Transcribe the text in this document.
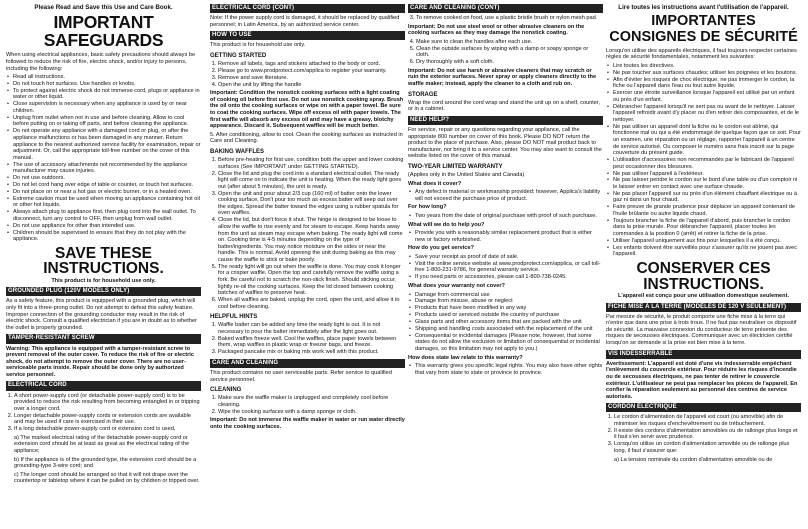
Please Read and Save this Use and Care Book.

IMPORTANT SAFEGUARDS

When using electrical appliances, basic safety precautions should always be followed to reduce the risk of fire, electric shock, and/or injury to persons, including the following:

• Read all instructions.
• Do not touch hot surfaces. Use handles or knobs.
• To protect against electric shock do not immerse cord, plugs or appliance in water or other liquid.
• Close supervision is necessary when any appliance is used by or near children.
• Unplug from outlet when not in use and before cleaning. Allow to cool before putting on or taking off parts, and before cleaning the appliance.
• Do not operate any appliance with a damaged cord or plug, or after the appliance malfunctions or has been damaged in any manner. Return appliance to the nearest authorized service facility for examination, repair or adjustment. Or, call the appropriate toll-free number on the cover of this manual.
• The use of accessory attachments not recommended by the appliance manufacturer may cause injuries.
• Do not use outdoors.
• Do not let cord hang over edge of table or counter, or touch hot surfaces.
• Do not place on or near a hot gas or electric burner, or in a heated oven.
• Extreme caution must be used when moving an appliance containing hot oil or other hot liquids.
• Always attach plug to appliance first, then plug cord into the wall outlet. To disconnect, turn any control to OFF, then unplug from wall outlet.
• Do not use appliance for other than intended use.
• Children should be supervised to ensure that they do not play with the appliance.
SAVE THESE INSTRUCTIONS.

This product is for household use only.

GROUNDED PLUG (120V MODELS ONLY)

As a safety feature, this product is equipped with a grounded plug, which will only fit into a three-prong outlet. Do not attempt to defeat this safety feature. Improper connection of the grounding conductor may result in the risk of electric shock. Consult a qualified electrician if you are in doubt as to whether the outlet is properly grounded.

TAMPER-RESISTANT SCREW

Warning: This appliance is equipped with a tamper-resistant screw to prevent removal of the outer cover. To reduce the risk of fire or electric shock, do not attempt to remove the outer cover. There are no user-serviceable parts inside. Repair should be done only by authorized service personnel.

ELECTRICAL CORD
1. A short power-supply cord (or detachable power-supply cord) is to be provided to reduce the risk resulting from becoming entangled in or tripping over a longer cord.
2. Longer detachable power-supply cords or extension cords are available and may be used if care is exercised in their use.
3. If a long detachable power-supply cord or extension cord is used,

a) The marked electrical rating of the detachable power-supply cord or extension cord should be at least as great as the electrical rating of the appliance;

b) If the appliance is of the grounded type, the extension cord should be a grounding-type 3-wire cord; and

c) The longer cord should be arranged so that it will not drape over the countertop or tabletop where it can be pulled on by children or tripped over.

ELECTRICAL CORD (CONT)

Note: If the power supply cord is damaged, it should be replaced by qualified personnel; in Latin America, by an authorized service center.

HOW TO USE

This product is for household use only.

GETTING STARTED
1. Remove all labels, tags and stickers attached to the body or cord.
2. Please go to www.prodprotect.com/applica to register your warranty.
3. Remove and save literature.
4. Open the unit by lifting the handle

Important: Condition the nonstick cooking surfaces with a light coating of cooking oil before first use. Do not use nonstick cooking spray. Brush the oil onto the cooking surfaces or wipe on with a paper towel. Be sure to coat the cooking surfaces. Wipe off excess oil with paper towels. The first waffle will absorb any excess oil and may have a greasy, blotchy appearance. Discard it. Subsequent waffles will be much better.

5. After conditioning, allow to cool. Clean the cooking surfaces as instructed in Care and Cleaning.

BAKING WAFFLES
1. Before pre-heating for first use, condition both the upper and lower cooking surfaces (See IMPORTANT under GETTING STARTED).
2. Close the lid and plug the cord into a standard electrical outlet. The ready light will come on to indicate the unit is heating. When the ready light goes out (after about 5 minutes), the unit is ready.
3. Open the unit and pour about 2/3 cup (160 ml) of batter onto the lower cooking surface. Don't pour too much as excess batter will seep out over the edges. Spread the batter toward the edges using a rubber spatula for even waffles.
4. Close the lid, but don't force it shut. The hinge is designed to be loose to allow the waffle to rise evenly and for steam to escape. Keep hands away from the unit as steam may escape when baking. The ready light will come on. Cooking time is 4-5 minutes depending on the type of batter/ingredients. You may notice moisture on the sides or near the handle. This is normal. Avoid opening the unit during baking as this may cause the waffle to stick or bake poorly.
5. The ready light will go out when the waffle is done. You may cook it longer for a crispier waffle. Open the top and carefully remove the waffle using a fork. Be careful not to scratch the non-stick finish. Should sticking occur, lightly re-oil the cooking surfaces. Keep the lid closed between cooking batches of waffles to preserve heat.
6. When all waffles are baked, unplug the cord, open the unit, and allow it to cool before cleaning.
HELPFUL HINTS
1. Waffle batter can be added any time the ready light is out. It is not necessary to pour the batter immediately after the light goes out.
2. Baked waffles freeze well. Cool the waffles, place paper towels between them, wrap waffles in plastic wrap or freezer bags, and freeze.
3. Packaged pancake mix or baking mix work well with this product.
CARE AND CLEANING

This product contains no user serviceable parts. Refer service to qualified service personnel.

CLEANING
1. Make sure the waffle maker is unplugged and completely cool before cleaning.
2. Wipe the cooking surfaces with a damp sponge or cloth.

Important: Do not immerse the waffle maker in water or run water directly onto the cooking surfaces.

CARE AND CLEANING (CONT)
3. To remove cooked on food, use a plastic bristle brush or nylon mesh pad.

Important: Do not use steel wool or other abrasive cleaners on the cooking surfaces as they may damage the nonstick coating.

4. Make sure to clean the handles after each use.
5. Clean the outside surfaces by wiping with a damp or soapy sponge or cloth.
6. Dry thoroughly with a soft cloth.

Important: Do not use harsh or abrasive cleaners that may scratch or ruin the exterior surfaces. Never spray or apply cleaners directly to the waffle maker; instead, apply the cleaner to a cloth and rub on.

STORAGE

Wrap the cord around the cord wrap and stand the unit up on a shelf, counter, or in a cabinet.

NEED HELP?

For service, repair or any questions regarding your appliance, call the appropriate 800 number on cover of this book. Please DO NOT return the product to the place of purchase. Also, please DO NOT mail product back to manufacturer, nor bring it to a service center. You may also want to consult the website listed on the cover of this manual.

TWO-YEAR LIMITED WARRANTY

(Applies only in the United States and Canada)

What does it cover?

• Any defect in material or workmanship provided; however, Applica's liability will not exceed the purchase price of product.

For how long?

• Two years from the date of original purchase with proof of such purchase.

What will we do to help you?

• Provide you with a reasonably similar replacement product that is either new or factory refurbished.

How do you get service?

• Save your receipt as proof of date of sale.
• Visit the online service website at www.prodprotect.com/applica, or call toll-free 1-800-231-9786, for general warranty service.
• If you need parts or accessories, please call 1-800-738-0245.

What does your warranty not cover?

• Damage from commercial use
• Damage from misuse, abuse or neglect
• Products that have been modified in any way
• Products used or serviced outside the country of purchase
• Glass parts and other accessory items that are packed with the unit
• Shipping and handling costs associated with the replacement of the unit
• Consequential or incidental damages (Please note, however, that some states do not allow the exclusion or limitation of consequential or incidental damages, so this limitation may not apply to you.)

How does state law relate to this warranty?

• This warranty gives you specific legal rights. You may also have other rights that vary from state to state or province to province.

Lire toutes les instructions avant l'utilisation de l'appareil.

IMPORTANTES CONSIGNES DE SÉCURITÉ

Lorsqu'on utilise des appareils électriques, il faut toujours respecter certaines règles de sécurité fondamentales, notamment les suivantes:

• Lire toutes les directives.
• Ne pas toucher aux surfaces chaudes; utiliser les poignées et les boutons.
• Afin d'éviter les risques de choc électrique, ne pas immerger le cordon, la fiche ou l'appareil dans l'eau ou tout autre liquide.
• Exercer une étroite surveillance lorsque l'appareil est utilisé par un enfant ou près d'un enfant.
• Débrancher l'appareil lorsqu'il ne sert pas ou avant de le nettoyer. Laisser l'appareil refroidir avant d'y placer ou d'en retirer des composantes, et de le nettoyer.
• Ne pas utiliser un appareil dont la fiche ou le cordon est abîmé, qui fonctionne mal ou qui a été endommagé de quelque façon que ce soit. Pour un examen, une réparation ou un réglage, rapporter l'appareil à un centre de service autorisé. Ou composer le numéro sans frais inscrit sur la page couverture du présent guide.
• L'utilisation d'accessoires non recommandés par le fabricant de l'appareil peut occasionner des blessures.
• Ne pas utiliser l'appareil à l'extérieur.
• Ne pas laisser pendre le cordon sur le bord d'une table ou d'un comptoir ni le laisser entrer en contact avec une surface chaude.
• Ne pas placer l'appareil sur ou près d'un élément chauffant électrique ou à gaz ni dans un four chaud.
• Faire preuve de grande prudence pour déplacer un appareil contenant de l'huile brûlante ou autre liquide chaud.
• Toujours brancher la fiche de l'appareil d'abord, puis brancher le cordon dans la prise murale. Pour débrancher l'appareil, placer toutes les commandes à la position 0 (arrêt) et retirer la fiche de la prise.
• Utiliser l'appareil uniquement aux fins pour lesquelles il a été conçu.
• Les enfants doivent être surveillés pour s'assurer qu'ils ne jouent pas avec l'appareil.
CONSERVER CES INSTRUCTIONS.

L'appareil est conçu pour une utilisation domestique seulement.

FICHE MISE À LA TERRE (MODÈLES DE 120 V SEULEMENT)

Par mesure de sécurité, le produit comporte une fiche mise à la terre qui n'entre que dans une prise à trois trous. Il ne faut pas neutraliser ce dispositif de sécurité. La mauvaise connexion du conducteur de terre présente des risques de secousses électriques. Communiquer avec un électricien certifié lorsqu'on se demande si la prise est bien mise à la terre.

VIS INDESSERRABLE

Avertissement: L'appareil est doté d'une vis indesserrable empêchant l'enlèvement du couvercle extérieur. Pour réduire les risques d'incendie ou de secousses électriques, ne pas tenter de retirer le couvercle extérieur. L'utilisateur ne peut pas remplacer les pièces de l'appareil. En confier la réparation seulement au personnel des centres de service autorisés.

CORDON ÉLECTRIQUE
1. Le cordon d'alimentation de l'appareil est court (ou amovible) afin de minimiser les risques d'enchevêtrement ou de trébuchement.
2. Il existe des cordons d'alimentation amovibles ou de rallonge plus longs et il faut s'en servir avec prudence.
3. Lorsqu'on utilise un cordon d'alimentation amovible ou de rallonge plus long, il faut s'assurer que:

a) La tension nominale du cordon d'alimentation amovible ou de
